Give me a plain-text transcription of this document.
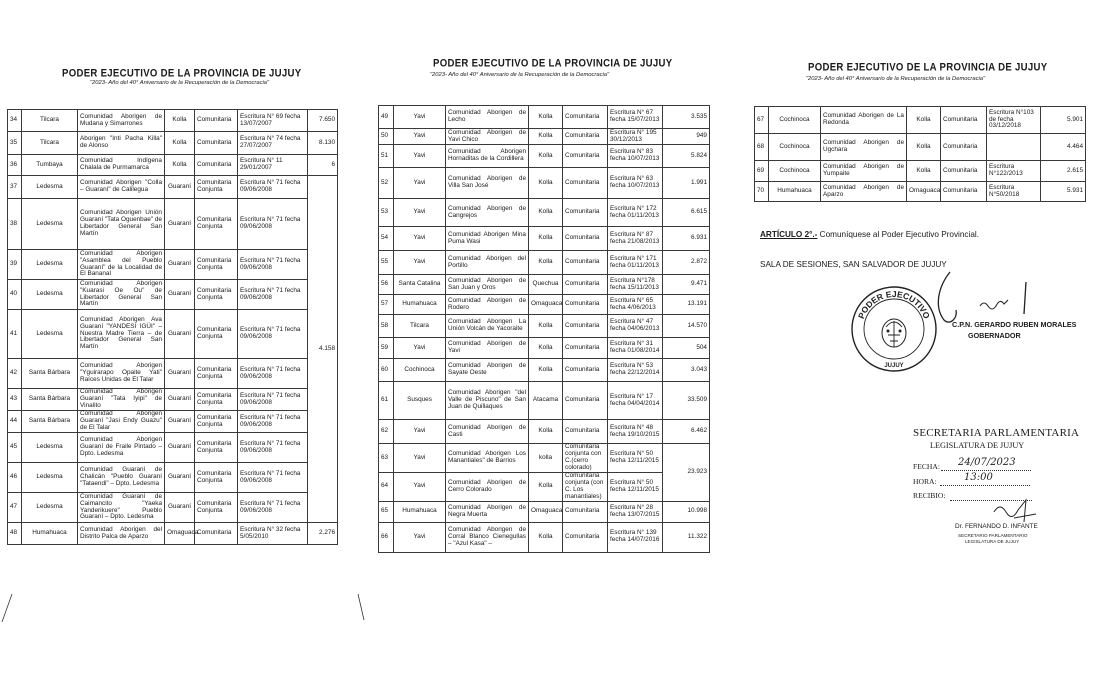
PODER EJECUTIVO DE LA PROVINCIA DE JUJUY
"2023- Año del 40° Aniversario de la Recuperación de la Democracia"
34	Tilcara	Comunidad Aborigen de Mudana y Simarrones	Kolla	Comunitaria	Escritura N° 69 fecha 13/07/2007	7.650
35	Tilcara	Aborigen "Inti Pacha Killa" de Alonso	Kolla	Comunitaria	Escritura N° 74 fecha 27/07/2007	8.130
36	Tumbaya	Comunidad Indígena Chalala de Purmamarca	Kolla	Comunitaria	Escritura N° 11 29/01/2007	6
37	Ledesma	Comunidad Aborigen "Colla – Guaraní" de Calilegua	Guaraní	Comunitaria Conjunta	Escritura N° 71 fecha 09/06/2008	4.158
38	Ledesma	Comunidad Aborigen Unión Guaraní "Tata Oguenbae" de Libertador General San Martín	Guaraní	Comunitaria Conjunta	Escritura N° 71 fecha 09/06/2008	
39	Ledesma	Comunidad Aborigen "Asamblea del Pueblo Guaraní" de la Localidad de El Bananal	Guaraní	Comunitaria Conjunta	Escritura N° 71 fecha 09/06/2008	
40	Ledesma	Comunidad Aborigen "Kuarasi Oe Ou" de Libertador General San Martín	Guaraní	Comunitaria Conjunta	Escritura N° 71 fecha 09/06/2008	
41	Ledesma	Comunidad Aborigen Ava Guaraní "YANDESI IGÜI" – Nuestra Madre Tierra – de Libertador General San Martín	Guaraní	Comunitaria Conjunta	Escritura N° 71 fecha 09/06/2008	
42	Santa Bárbara	Comunidad Aborigen "Yguirarapo Opaite Yati" Raíces Unidas de El Talar	Guaraní	Comunitaria Conjunta	Escritura N° 71 fecha 09/06/2008	
43	Santa Bárbara	Comunidad Aborigen Guaraní "Tata Iyipi" de Vinalito	Guaraní	Comunitaria Conjunta	Escritura N° 71 fecha 09/06/2008	
44	Santa Bárbara	Comunidad Aborigen Guaraní "Jasi Endy Guazu" de El Talar	Guaraní	Comunitaria Conjunta	Escritura N° 71 fecha 09/06/2008	
45	Ledesma	Comunidad Aborigen Guaraní de Fraile Pintado – Dpto. Ledesma	Guaraní	Comunitaria Conjunta	Escritura N° 71 fecha 09/06/2008	
46	Ledesma	Comunidad Guaraní de Chalicán "Pueblo Guaraní "Tataendi" – Dpto. Ledesma	Guaraní	Comunitaria Conjunta	Escritura N° 71 fecha 09/06/2008	
47	Ledesma	Comunidad Guaraní de Caimancito "Yaeka Yanderikuere" Pueblo Guaraní – Dpto. Ledesma	Guaraní	Comunitaria Conjunta	Escritura N° 71 fecha 09/06/2008	
48	Humahuaca	Comunidad Aborigen del Distrito Palca de Aparzo	Omaguaca	Comunitaria	Escritura N° 32 fecha 5/05/2010	2.276
PODER EJECUTIVO DE LA PROVINCIA DE JUJUY
"2023- Año del 40° Aniversario de la Recuperación de la Democracia"
49	Yavi	Comunidad Aborigen de Lecho	Kolla	Comunitaria	Escritura N° 67 fecha 15/07/2013	3.535
50	Yavi	Comunidad Aborigen de Yavi Chico	Kolla	Comunitaria	Escritura N° 195 30/12/2013	949
51	Yavi	Comunidad Aborigen Hornaditas de la Cordillera	Kolla	Comunitaria	Escritura N° 83 fecha 10/07/2013	5.824
52	Yavi	Comunidad Aborigen de Villa San José	Kolla	Comunitaria	Escritura N° 63 fecha 10/07/2013	1.991
53	Yavi	Comunidad Aborigen de Cangrejos	Kolla	Comunitaria	Escritura N° 172 fecha 01/11/2013	6.615
54	Yavi	Comunidad Aborigen Mina Puma Wasi	Kolla	Comunitaria	Escritura N° 87 fecha 21/08/2013	6.931
55	Yavi	Comunidad Aborigen del Portillo	Kolla	Comunitaria	Escritura N° 171 fecha 01/11/2013	2.872
56	Santa Catalina	Comunidad Aborigen de San Juan y Oros	Quechua	Comunitaria	Escritura N°178 fecha 15/11/2013	9.471
57	Humahuaca	Comunidad Aborigen de Rodero	Omaguaca	Comunitaria	Escritura N° 65 fecha 4/06/2013	13.191
58	Tilcara	Comunidad Aborigen La Unión Volcán de Yacoraite	Kolla	Comunitaria	Escritura N° 47 fecha 04/06/2013	14.570
59	Yavi	Comunidad Aborigen de Yavi	Kolla	Comunitaria	Escritura N° 31 fecha 01/08/2014	504
60	Cochinoca	Comunidad Aborigen de Sayate Oeste	Kolla	Comunitaria	Escritura N° 53 fecha 22/12/2014	3.043
61	Susques	Comunidad Aborigen "del Valle de Piscuno" de San Juan de Quillaques	Atacama	Comunitaria	Escritura N° 17 fecha 04/04/2014	33.509
62	Yavi	Comunidad Aborigen de Casti	Kolla	Comunitaria	Escritura N° 48 fecha 19/10/2015	6.462
63	Yavi	Comunidad Aborigen Los Manantiales" de Barrios	kolla	Comunitaria conjunta con C.(cerro colorado)	Escritura N° 50 fecha 12/11/2015	23.923
64	Yavi	Comunidad Aborigen de Cerro Colorado	Kolla	Comunitaria conjunta (con C. Los manantiales)	Escritura N° 50 fecha 12/11/2015	
65	Humahuaca	Comunidad Aborigen de Negra Muerta	Omaguaca	Comunitaria	Escritura N° 28 fecha 13/07/2015	10.998
66	Yavi	Comunidad Aborigen de Corral Blanco Cienegullas – "Azul Kasa" –	Kolla	Comunitaria	Escritura N° 139 fecha 14/07/2016	11.322
PODER EJECUTIVO DE LA PROVINCIA DE JUJUY
"2023- Año del 40° Aniversario de la Recuperación de la Democracia"
67	Cochinoca	Comunidad Aborigen de La Redonda	Kolla	Comunitaria	Escritura N°103 de fecha 03/12/2018	5.901
68	Cochinoca	Comunidad Aborigen de Ugchara	Kolla	Comunitaria		4.464
69	Cochinoca	Comunidad Aborigen de Yumpaite	Kolla	Comunitaria	Escritura N°122/2013	2.615
70	Humahuaca	Comunidad Aborigen de Aparzo	Omaguaca	Comunitaria	Escritura N°50/2018	5.931
ARTÍCULO 2°.- Comuníquese al Poder Ejecutivo Provincial.
SALA DE SESIONES, SAN SALVADOR DE JUJUY
PODER EJECUTIVO
JUJUY
C.P.N. GERARDO RUBEN MORALES
GOBERNADOR
SECRETARIA PARLAMENTARIA
LEGISLATURA DE JUJUY
FECHA: 24/07/2023
HORA:	13:00
RECIBIO:
Dr. FERNANDO D. INFANTE
SECRETARIO PARLAMENTARIO
LEGISLATURA DE JUJUY
